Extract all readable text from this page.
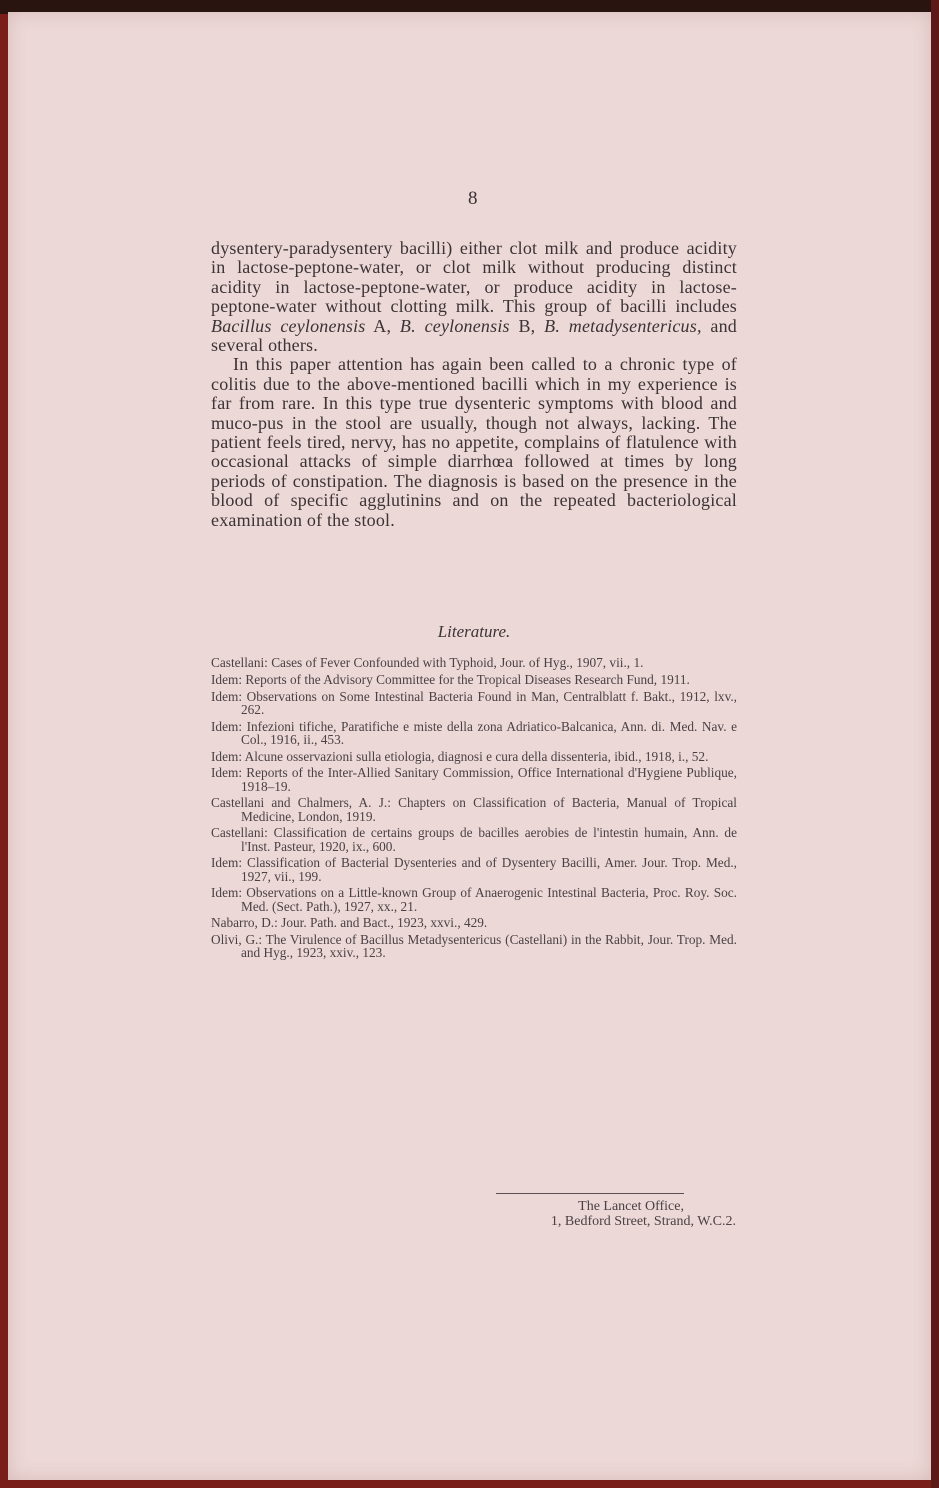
8

dysentery-paradysentery bacilli) either clot milk and produce acidity in lactose-peptone-water, or clot milk without producing distinct acidity in lactose-peptone-water, or produce acidity in lactose-peptone-water without clotting milk. This group of bacilli includes Bacillus ceylonensis A, B. ceylonensis B, B. metadysentericus, and several others.

In this paper attention has again been called to a chronic type of colitis due to the above-mentioned bacilli which in my experience is far from rare. In this type true dysenteric symptoms with blood and muco-pus in the stool are usually, though not always, lacking. The patient feels tired, nervy, has no appetite, complains of flatulence with occasional attacks of simple diarrhœa followed at times by long periods of constipation. The diagnosis is based on the presence in the blood of specific agglutinins and on the repeated bacteriological examination of the stool.

Literature.

Castellani: Cases of Fever Confounded with Typhoid, Jour. of Hyg., 1907, vii., 1.

Idem: Reports of the Advisory Committee for the Tropical Diseases Research Fund, 1911.

Idem: Observations on Some Intestinal Bacteria Found in Man, Centralblatt f. Bakt., 1912, lxv., 262.

Idem: Infezioni tifiche, Paratifiche e miste della zona Adriatico-Balcanica, Ann. di. Med. Nav. e Col., 1916, ii., 453.

Idem: Alcune osservazioni sulla etiologia, diagnosi e cura della dissenteria, ibid., 1918, i., 52.

Idem: Reports of the Inter-Allied Sanitary Commission, Office International d'Hygiene Publique, 1918–19.

Castellani and Chalmers, A. J.: Chapters on Classification of Bacteria, Manual of Tropical Medicine, London, 1919.

Castellani: Classification de certains groups de bacilles aerobies de l'intestin humain, Ann. de l'Inst. Pasteur, 1920, ix., 600.

Idem: Classification of Bacterial Dysenteries and of Dysentery Bacilli, Amer. Jour. Trop. Med., 1927, vii., 199.

Idem: Observations on a Little-known Group of Anaerogenic Intestinal Bacteria, Proc. Roy. Soc. Med. (Sect. Path.), 1927, xx., 21.

Nabarro, D.: Jour. Path. and Bact., 1923, xxvi., 429.

Olivi, G.: The Virulence of Bacillus Metadysentericus (Castellani) in the Rabbit, Jour. Trop. Med. and Hyg., 1923, xxiv., 123.

The Lancet Office,
1, Bedford Street, Strand, W.C.2.
